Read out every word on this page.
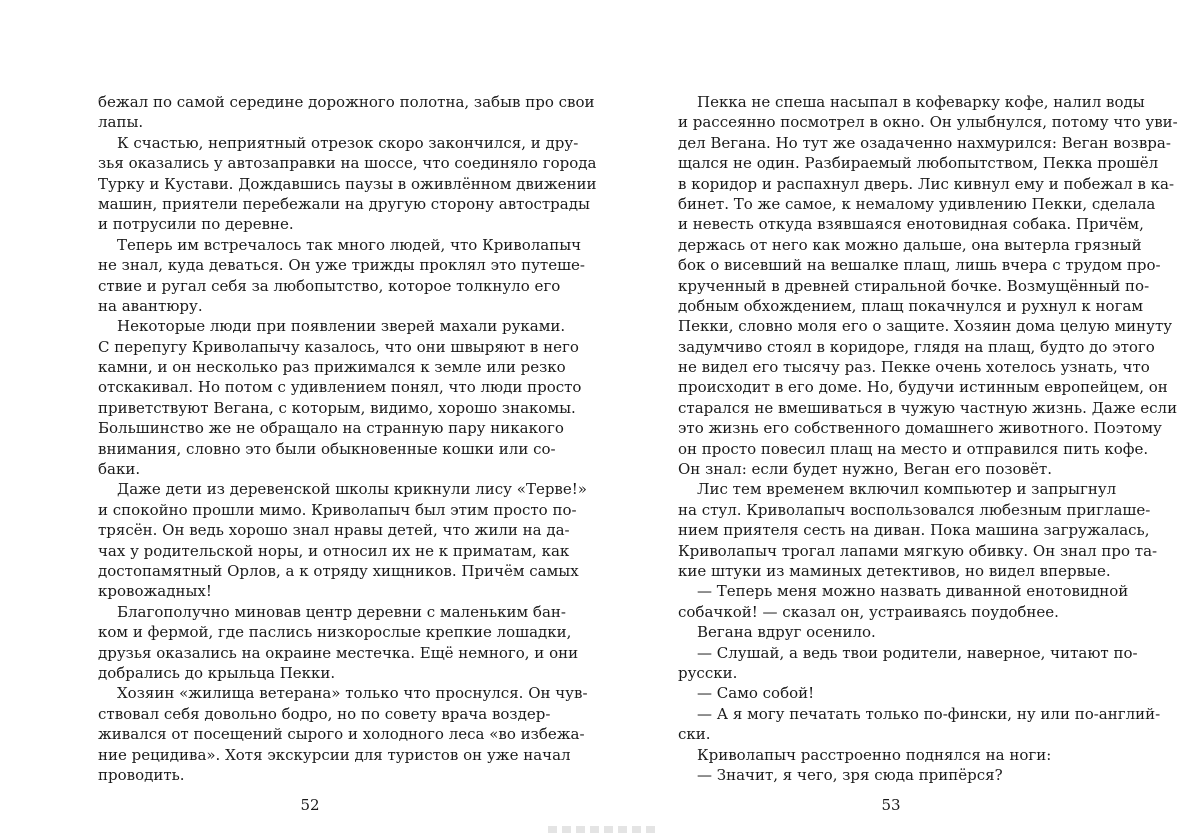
бежал по самой середине дорожного полотна, забыв про свои
лапы.

К счастью, неприятный отрезок скоро закончился, и дру-
зья оказались у автозаправки на шоссе, что соединяло города
Турку и Кустави. Дождавшись паузы в оживлённом движении
машин, приятели перебежали на другую сторону автострады
и потрусили по деревне.

Теперь им встречалось так много людей, что Криволапыч
не знал, куда деваться. Он уже трижды проклял это путеше-
ствие и ругал себя за любопытство, которое толкнуло его
на авантюру.

Некоторые люди при появлении зверей махали руками.
С перепугу Криволапычу казалось, что они швыряют в него
камни, и он несколько раз прижимался к земле или резко
отскакивал. Но потом с удивлением понял, что люди просто
приветствуют Вегана, с которым, видимо, хорошо знакомы.
Большинство же не обращало на странную пару никакого
внимания, словно это были обыкновенные кошки или со-
баки.

Даже дети из деревенской школы крикнули лису «Терве!»
и спокойно прошли мимо. Криволапыч был этим просто по-
трясён. Он ведь хорошо знал нравы детей, что жили на да-
чах у родительской норы, и относил их не к приматам, как
достопамятный Орлов, а к отряду хищников. Причём самых
кровожадных!

Благополучно миновав центр деревни с маленьким бан-
ком и фермой, где паслись низкорослые крепкие лошадки,
друзья оказались на окраине местечка. Ещё немного, и они
добрались до крыльца Пекки.

Хозяин «жилища ветерана» только что проснулся. Он чув-
ствовал себя довольно бодро, но по совету врача воздер-
живался от посещений сырого и холодного леса «во избежа-
ние рецидива». Хотя экскурсии для туристов он уже начал
проводить.

Пекка не спеша насыпал в кофеварку кофе, налил воды
и рассеянно посмотрел в окно. Он улыбнулся, потому что уви-
дел Вегана. Но тут же озадаченно нахмурился: Веган возвра-
щался не один. Разбираемый любопытством, Пекка прошёл
в коридор и распахнул дверь. Лис кивнул ему и побежал в ка-
бинет. То же самое, к немалому удивлению Пекки, сделала
и невесть откуда взявшаяся енотовидная собака. Причём,
держась от него как можно дальше, она вытерла грязный
бок о висевший на вешалке плащ, лишь вчера с трудом про-
крученный в древней стиральной бочке. Возмущённый по-
добным обхождением, плащ покачнулся и рухнул к ногам
Пекки, словно моля его о защите. Хозяин дома целую минуту
задумчиво стоял в коридоре, глядя на плащ, будто до этого
не видел его тысячу раз. Пекке очень хотелось узнать, что
происходит в его доме. Но, будучи истинным европейцем, он
старался не вмешиваться в чужую частную жизнь. Даже если
это жизнь его собственного домашнего животного. Поэтому
он просто повесил плащ на место и отправился пить кофе.
Он знал: если будет нужно, Веган его позовёт.

Лис тем временем включил компьютер и запрыгнул
на стул. Криволапыч воспользовался любезным приглаше-
нием приятеля сесть на диван. Пока машина загружалась,
Криволапыч трогал лапами мягкую обивку. Он знал про та-
кие штуки из маминых детективов, но видел впервые.

— Теперь меня можно назвать диванной енотовидной
собачкой! — сказал он, устраиваясь поудобнее.

Вегана вдруг осенило.

— Слушай, а ведь твои родители, наверное, читают по-
русски.

— Само собой!

— А я могу печатать только по-фински, ну или по-англий-
ски.

Криволапыч расстроенно поднялся на ноги:

— Значит, я чего, зря сюда припёрся?

52	53
